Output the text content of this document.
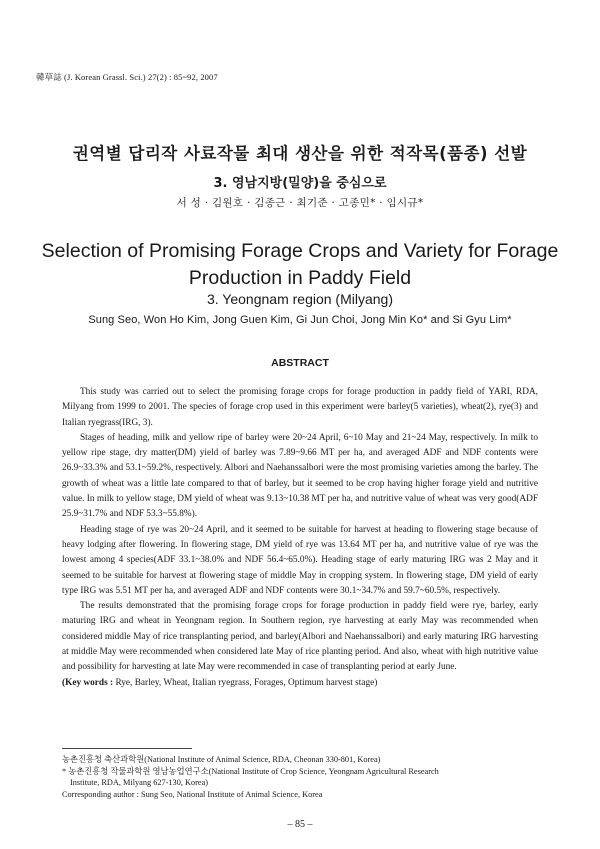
韓草誌 (J. Korean Grassl. Sci.) 27(2) : 85~92, 2007
권역별 답리작 사료작물 최대 생산을 위한 적작목(품종) 선발
3. 영남지방(밀양)을 중심으로
서 성 · 김원호 · 김종근 · 최기준 · 고종민* · 임시규*
Selection of Promising Forage Crops and Variety for Forage Production in Paddy Field
3. Yeongnam region (Milyang)
Sung Seo, Won Ho Kim, Jong Guen Kim, Gi Jun Choi, Jong Min Ko* and Si Gyu Lim*
ABSTRACT

This study was carried out to select the promising forage crops for forage production in paddy field of YARI, RDA, Milyang from 1999 to 2001. The species of forage crop used in this experiment were barley(5 varieties), wheat(2), rye(3) and Italian ryegrass(IRG, 3).

Stages of heading, milk and yellow ripe of barley were 20~24 April, 6~10 May and 21~24 May, respectively. In milk to yellow ripe stage, dry matter(DM) yield of barley was 7.89~9.66 MT per ha, and averaged ADF and NDF contents were 26.9~33.3% and 53.1~59.2%, respectively. Albori and Naehanssalbori were the most promising varieties among the barley. The growth of wheat was a little late compared to that of barley, but it seemed to be crop having higher forage yield and nutritive value. In milk to yellow stage, DM yield of wheat was 9.13~10.38 MT per ha, and nutritive value of wheat was very good(ADF 25.9~31.7% and NDF 53.3~55.8%).

Heading stage of rye was 20~24 April, and it seemed to be suitable for harvest at heading to flowering stage because of heavy lodging after flowering. In flowering stage, DM yield of rye was 13.64 MT per ha, and nutritive value of rye was the lowest among 4 species(ADF 33.1~38.0% and NDF 56.4~65.0%). Heading stage of early maturing IRG was 2 May and it seemed to be suitable for harvest at flowering stage of middle May in cropping system. In flowering stage, DM yield of early type IRG was 5.51 MT per ha, and averaged ADF and NDF contents were 30.1~34.7% and 59.7~60.5%, respectively.

The results demonstrated that the promising forage crops for forage production in paddy field were rye, barley, early maturing IRG and wheat in Yeongnam region. In Southern region, rye harvesting at early May was recommended when considered middle May of rice transplanting period, and barley(Albori and Naehanssalbori) and early maturing IRG harvesting at middle May were recommended when considered late May of rice planting period. And also, wheat with high nutritive value and possibility for harvesting at late May were recommended in case of transplanting period at early June.

(Key words : Rye, Barley, Wheat, Italian ryegrass, Forages, Optimum harvest stage)

농촌진흥청 축산과학원(National Institute of Animal Science, RDA, Cheonan 330-801, Korea)

* 농촌진흥청 작물과학원 영남농업연구소(National Institute of Crop Science, Yeongnam Agricultural Research

Institute, RDA, Milyang 627-130, Korea)

Corresponding author : Sung Seo, National Institute of Animal Science, Korea

– 85 –
